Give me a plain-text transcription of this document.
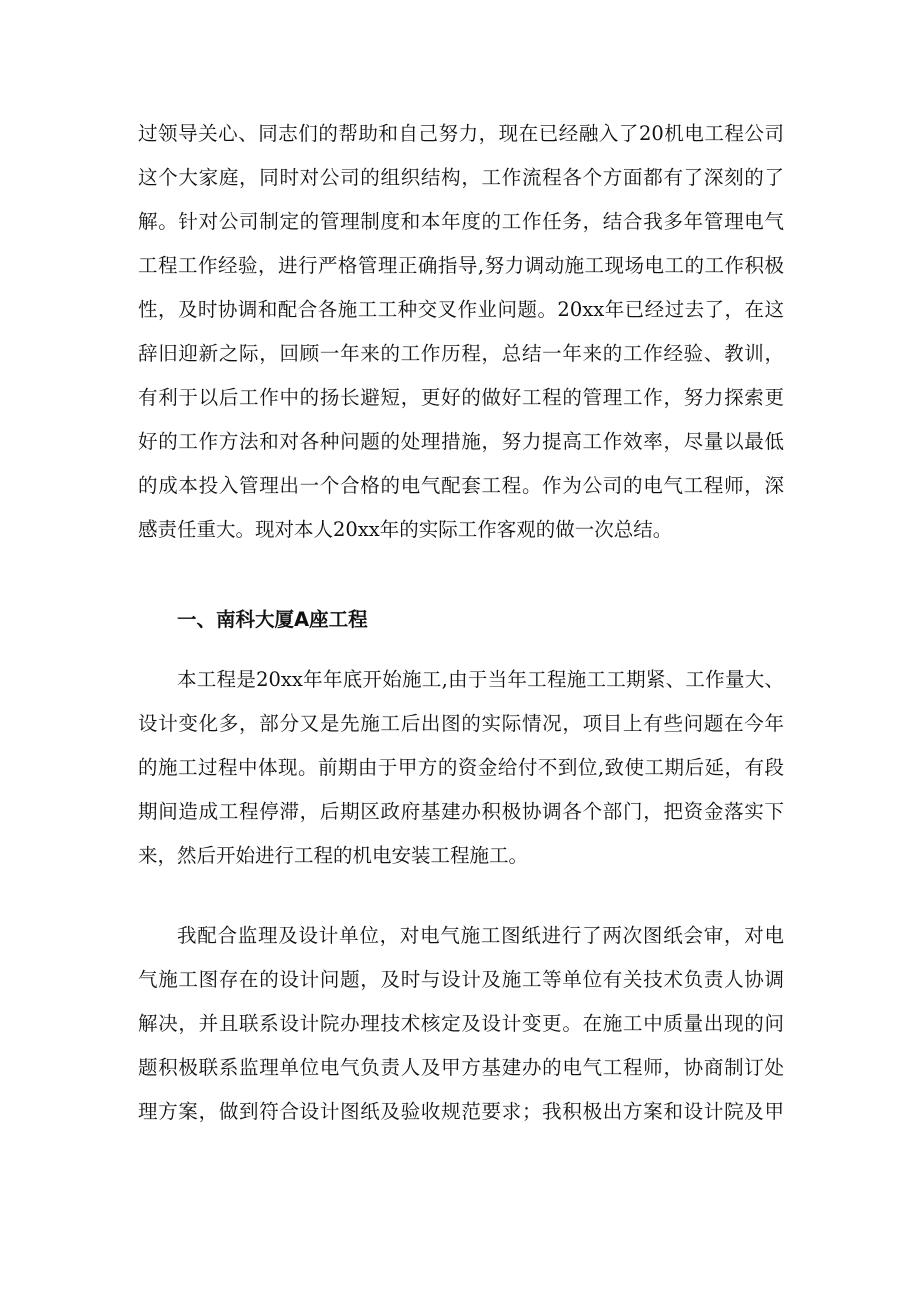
过领导关心、同志们的帮助和自己努力，现在已经融入了20机电工程公司
这个大家庭，同时对公司的组织结构，工作流程各个方面都有了深刻的了
解。针对公司制定的管理制度和本年度的工作任务，结合我多年管理电气
工程工作经验，进行严格管理正确指导,努力调动施工现场电工的工作积极
性，及时协调和配合各施工工种交叉作业问题。20xx年已经过去了，在这
辞旧迎新之际，回顾一年来的工作历程，总结一年来的工作经验、教训，
有利于以后工作中的扬长避短，更好的做好工程的管理工作，努力探索更
好的工作方法和对各种问题的处理措施，努力提高工作效率，尽量以最低
的成本投入管理出一个合格的电气配套工程。作为公司的电气工程师，深
感责任重大。现对本人20xx年的实际工作客观的做一次总结。
一、南科大厦A座工程
本工程是20xx年年底开始施工,由于当年工程施工工期紧、工作量大、
设计变化多，部分又是先施工后出图的实际情况，项目上有些问题在今年
的施工过程中体现。前期由于甲方的资金给付不到位,致使工期后延，有段
期间造成工程停滞，后期区政府基建办积极协调各个部门，把资金落实下
来，然后开始进行工程的机电安装工程施工。
我配合监理及设计单位，对电气施工图纸进行了两次图纸会审，对电
气施工图存在的设计问题，及时与设计及施工等单位有关技术负责人协调
解决，并且联系设计院办理技术核定及设计变更。在施工中质量出现的问
题积极联系监理单位电气负责人及甲方基建办的电气工程师，协商制订处
理方案，做到符合设计图纸及验收规范要求；我积极出方案和设计院及甲
